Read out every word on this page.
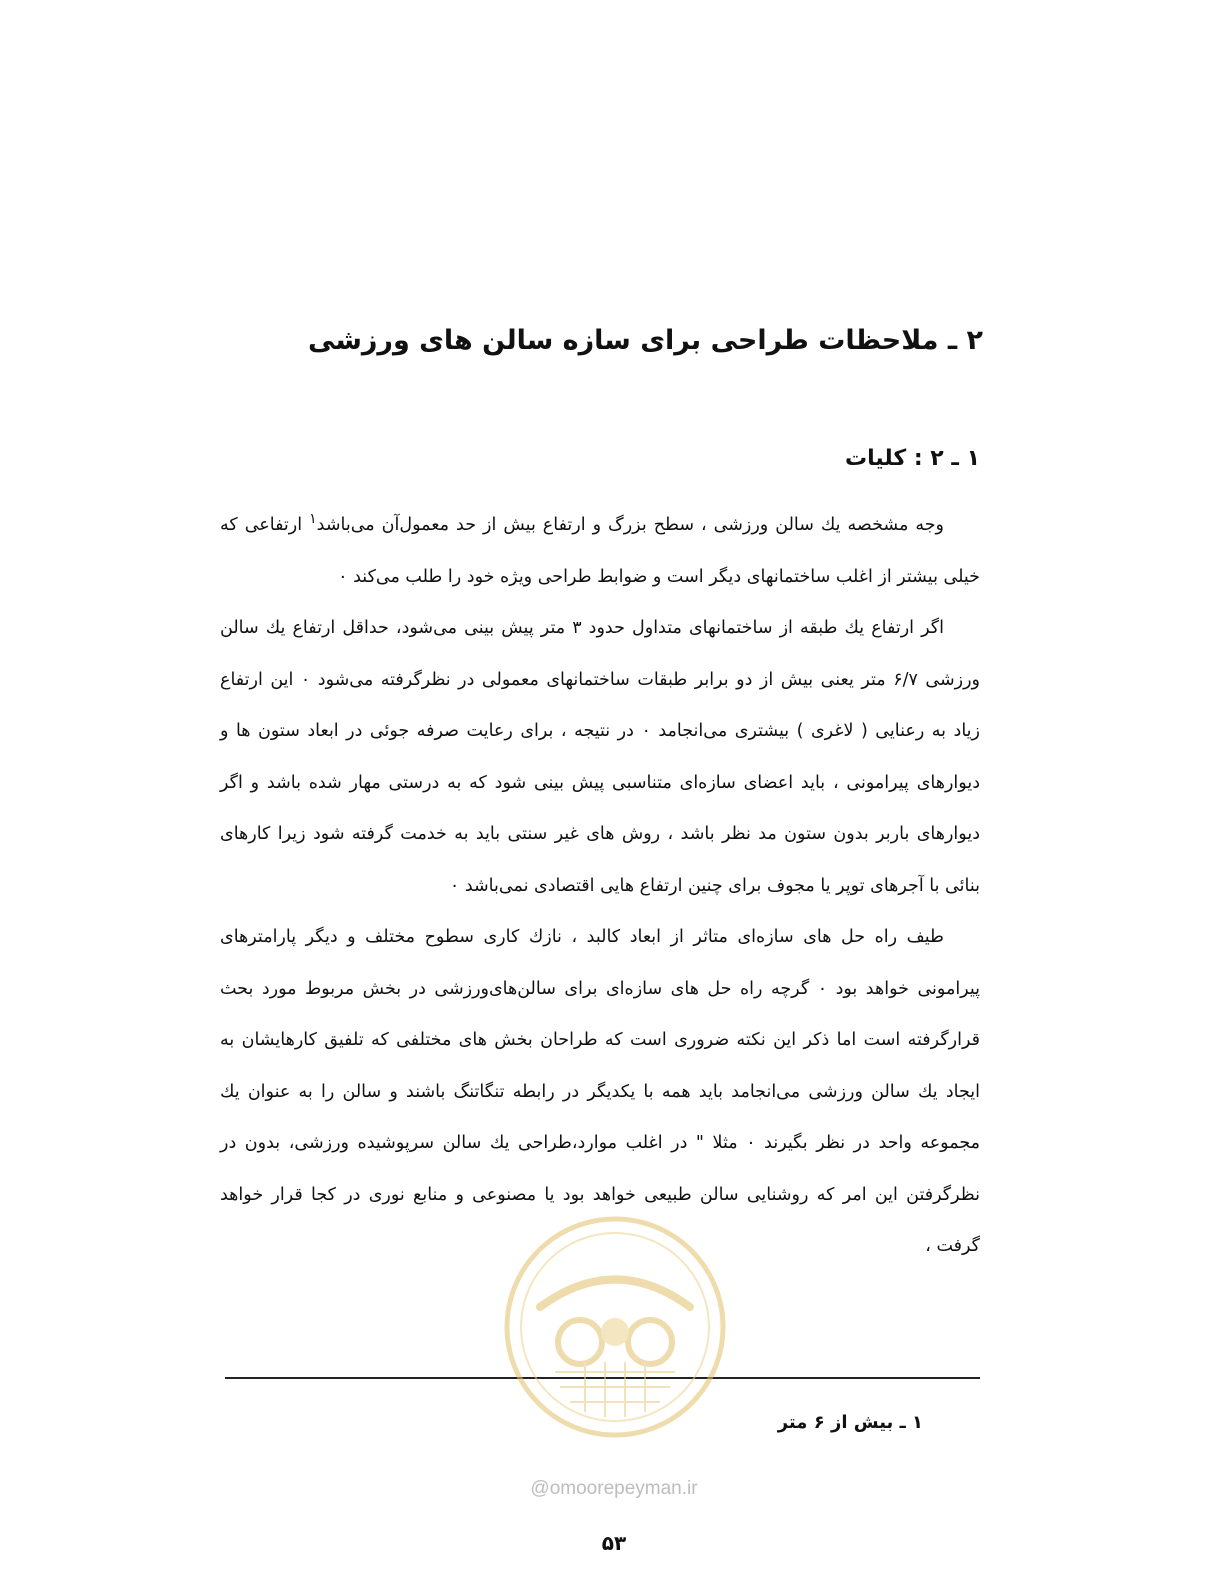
۲ ـ ملاحظات طراحی برای سازه سالن های ورزشی
۱ ـ ۲ : کلیات

وجه مشخصه یك سالن ورزشی ، سطح بزرگ و ارتفاع بیش از حد معمول‌آن می‌باشد$^۱$ ارتفاعی که خیلی بیشتر از اغلب ساختمانهای دیگر است و ضوابط طراحی ویژه خود را طلب می‌کند ٠

اگر ارتفاع یك طبقه از ساختمانهای متداول حدود ۳ متر پیش بینی می‌شود، حداقل ارتفاع یك سالن ورزشی ۶/۷ متر یعنی بیش از دو برابر طبقات ساختمانهای معمولی در نظرگرفته می‌شود ٠ این ارتفاع زیاد به رعنایی ( لاغری ) بیشتری می‌انجامد ٠ در نتیجه ، برای رعایت صرفه جوئی در ابعاد ستون ها و دیوارهای پیرامونی ، باید اعضای سازه‌ای متناسبی پیش بینی شود که به درستی مهار شده باشد و اگر دیوارهای باربر بدون ستون مد نظر باشد ، روش های غیر سنتی باید به خدمت گرفته شود زیرا کارهای بنائی با آجرهای توپر یا مجوف برای چنین ارتفاع هایی اقتصادی نمی‌باشد ٠

طیف راه حل های سازه‌ای متاثر از ابعاد کالبد ، نازك کاری سطوح مختلف و دیگر پارامترهای پیرامونی خواهد بود ٠ گرچه راه حل های سازه‌ای برای سالن‌های‌ورزشی در بخش مربوط مورد بحث قرارگرفته است اما ذکر این نکته ضروری است که طراحان بخش های مختلفی که تلفیق کارهایشان به ایجاد یك سالن ورزشی می‌انجامد باید همه با یکدیگر در رابطه تنگاتنگ باشند و سالن را به عنوان یك مجموعه واحد در نظر بگیرند ٠ مثلا " در اغلب موارد،طراحی یك سالن سرپوشیده ورزشی، بدون در نظرگرفتن این امر که روشنایی سالن طبیعی خواهد بود یا مصنوعی و منابع نوری در کجا قرار خواهد گرفت ،

۱ ـ بیش از ۶ متر

@omoorepeyman.ir
۵۳
